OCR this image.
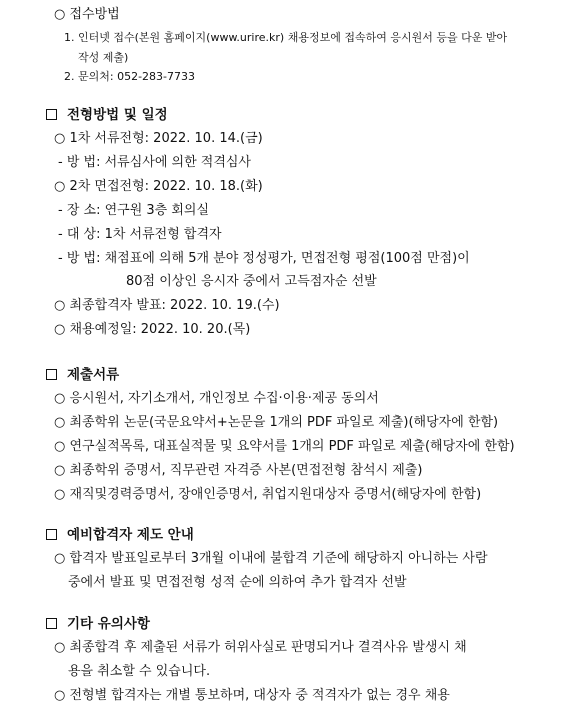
○ 접수방법
1. 인터넷 접수(본원 홈페이지(www.urire.kr) 채용정보에 접속하여 응시원서 등을 다운 받아
작성 제출)
2. 문의처: 052-283-7733
전형방법 및 일정
○ 1차 서류전형: 2022. 10. 14.(금)
- 방 법: 서류심사에 의한 적격심사
○ 2차 면접전형: 2022. 10. 18.(화)
- 장 소: 연구원 3층 회의실
- 대 상: 1차 서류전형 합격자
- 방 법: 채점표에 의해 5개 분야 정성평가, 면접전형 평점(100점 만점)이
80점 이상인 응시자 중에서 고득점자순 선발
○ 최종합격자 발표: 2022. 10. 19.(수)
○ 채용예정일: 2022. 10. 20.(목)
제출서류
○ 응시원서, 자기소개서, 개인정보 수집·이용·제공 동의서
○ 최종학위 논문(국문요약서+논문을 1개의 PDF 파일로 제출)(해당자에 한함)
○ 연구실적목록, 대표실적물 및 요약서를 1개의 PDF 파일로 제출(해당자에 한함)
○ 최종학위 증명서, 직무관련 자격증 사본(면접전형 참석시 제출)
○ 재직및경력증명서, 장애인증명서, 취업지원대상자 증명서(해당자에 한함)
예비합격자 제도 안내
○ 합격자 발표일로부터 3개월 이내에 불합격 기준에 해당하지 아니하는 사람
중에서 발표 및 면접전형 성적 순에 의하여 추가 합격자 선발
기타 유의사항
○ 최종합격 후 제출된 서류가 허위사실로 판명되거나 결격사유 발생시 채
용을 취소할 수 있습니다.
○ 전형별 합격자는 개별 통보하며, 대상자 중 적격자가 없는 경우 채용
